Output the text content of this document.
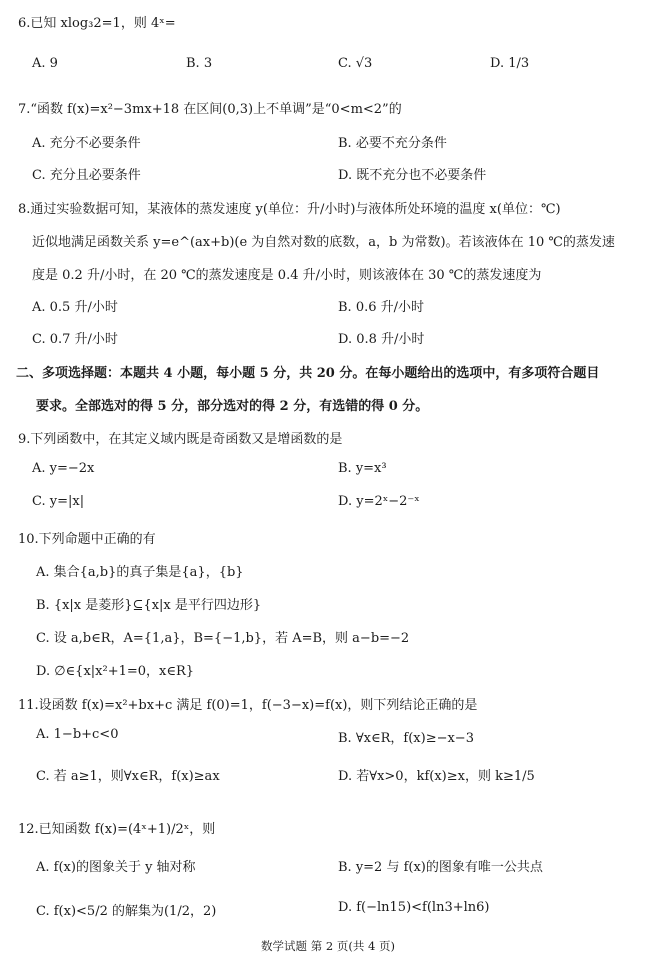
6.已知 xlog₃2=1，则 4ˣ=
A. 9	B. 3	C. √3	D. 1/3
7.“函数 f(x)=x²−3mx+18 在区间(0,3)上不单调”是“0<m<2”的
A. 充分不必要条件	B. 必要不充分条件
C. 充分且必要条件	D. 既不充分也不必要条件
8.通过实验数据可知，某液体的蒸发速度 y(单位：升/小时)与液体所处环境的温度 x(单位：℃)
近似地满足函数关系 y=e^(ax+b)(e 为自然对数的底数，a，b 为常数)。若该液体在 10 ℃的蒸发速
度是 0.2 升/小时，在 20 ℃的蒸发速度是 0.4 升/小时，则该液体在 30 ℃的蒸发速度为
A. 0.5 升/小时	B. 0.6 升/小时
C. 0.7 升/小时	D. 0.8 升/小时
二、多项选择题：本题共 4 小题，每小题 5 分，共 20 分。在每小题给出的选项中，有多项符合题目
要求。全部选对的得 5 分，部分选对的得 2 分，有选错的得 0 分。
9.下列函数中，在其定义域内既是奇函数又是增函数的是
A. y=−2x	B. y=x³
C. y=|x|	D. y=2ˣ−2⁻ˣ
10.下列命题中正确的有
A. 集合{a,b}的真子集是{a}，{b}
B. {x|x 是菱形}⊆{x|x 是平行四边形}
C. 设 a,b∈R，A={1,a}，B={−1,b}，若 A=B，则 a−b=−2
D. ∅∈{x|x²+1=0，x∈R}
11.设函数 f(x)=x²+bx+c 满足 f(0)=1，f(−3−x)=f(x)，则下列结论正确的是
A. 1−b+c<0	B. ∀x∈R，f(x)≥−x−3
C. 若 a≥1，则∀x∈R，f(x)≥ax	D. 若∀x>0，kf(x)≥x，则 k≥1/5
12.已知函数 f(x)=(4ˣ+1)/2ˣ，则
A. f(x)的图象关于 y 轴对称	B. y=2 与 f(x)的图象有唯一公共点
C. f(x)<5/2 的解集为(1/2，2)	D. f(−ln15)<f(ln3+ln6)
数学试题 第 2 页(共 4 页)
